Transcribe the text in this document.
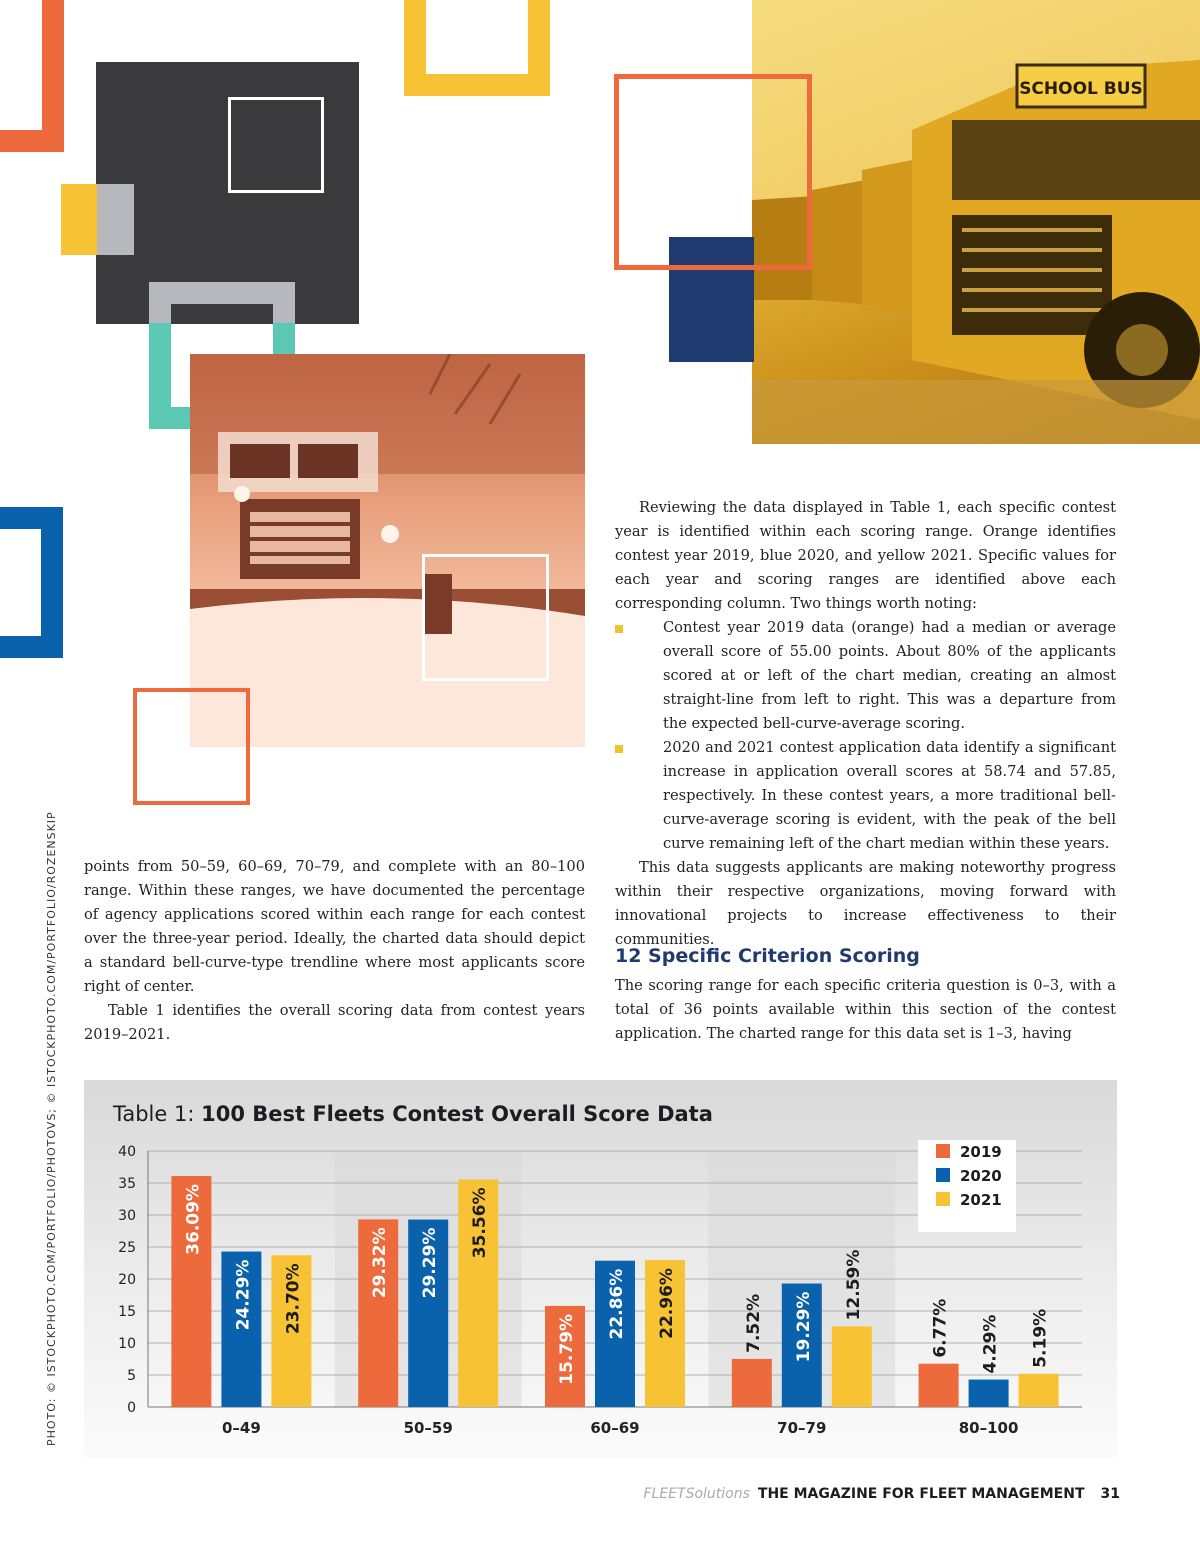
SCHOOL BUS
PHOTO: © ISTOCKPHOTO.COM/PORTFOLIO/PHOTOVS; © ISTOCKPHOTO.COM/PORTFOLIO/ROZENSKIP points from 50–59, 60–69, 70–79, and complete with an 80–100 range. Within these ranges, we have documented the percentage of agency applications scored within each range for each contest over the three-year period. Ideally, the charted data should depict a standard bell-curve-type trendline where most applicants score right of center.

Table 1 identifies the overall scoring data from contest years 2019–2021.

Reviewing the data displayed in Table 1, each specific contest year is identified within each scoring range. Orange identifies contest year 2019, blue 2020, and yellow 2021. Specific values for each year and scoring ranges are identified above each corresponding column. Two things worth noting:

Contest year 2019 data (orange) had a median or average overall score of 55.00 points. About 80% of the applicants scored at or left of the chart median, creating an almost straight-line from left to right. This was a departure from the expected bell-curve-average scoring.
2020 and 2021 contest application data identify a significant increase in application overall scores at 58.74 and 57.85, respectively. In these contest years, a more traditional bell-curve-average scoring is evident, with the peak of the bell curve remaining left of the chart median within these years.

This data suggests applicants are making noteworthy progress within their respective organizations, moving forward with innovational projects to increase effectiveness to their communities.

12 Specific Criterion Scoring

The scoring range for each specific criteria question is 0–3, with a total of 36 points available within this section of the contest application. The charted range for this data set is 1–3, having

Table 1: 100 Best Fleets Contest Overall Score Data
0
5
10
15
20
25
30
35
40
36.09%
24.29% 23.70%
0–49
29.32% 29.29%
35.56%
50–59
15.79%
22.86% 22.96%
60–69
7.52% 19.29%
12.59%
70–79
6.77% 4.29% 5.19%
80–100
2019
2020
2021
FLEETSolutions THE MAGAZINE FOR FLEET MANAGEMENT 31
